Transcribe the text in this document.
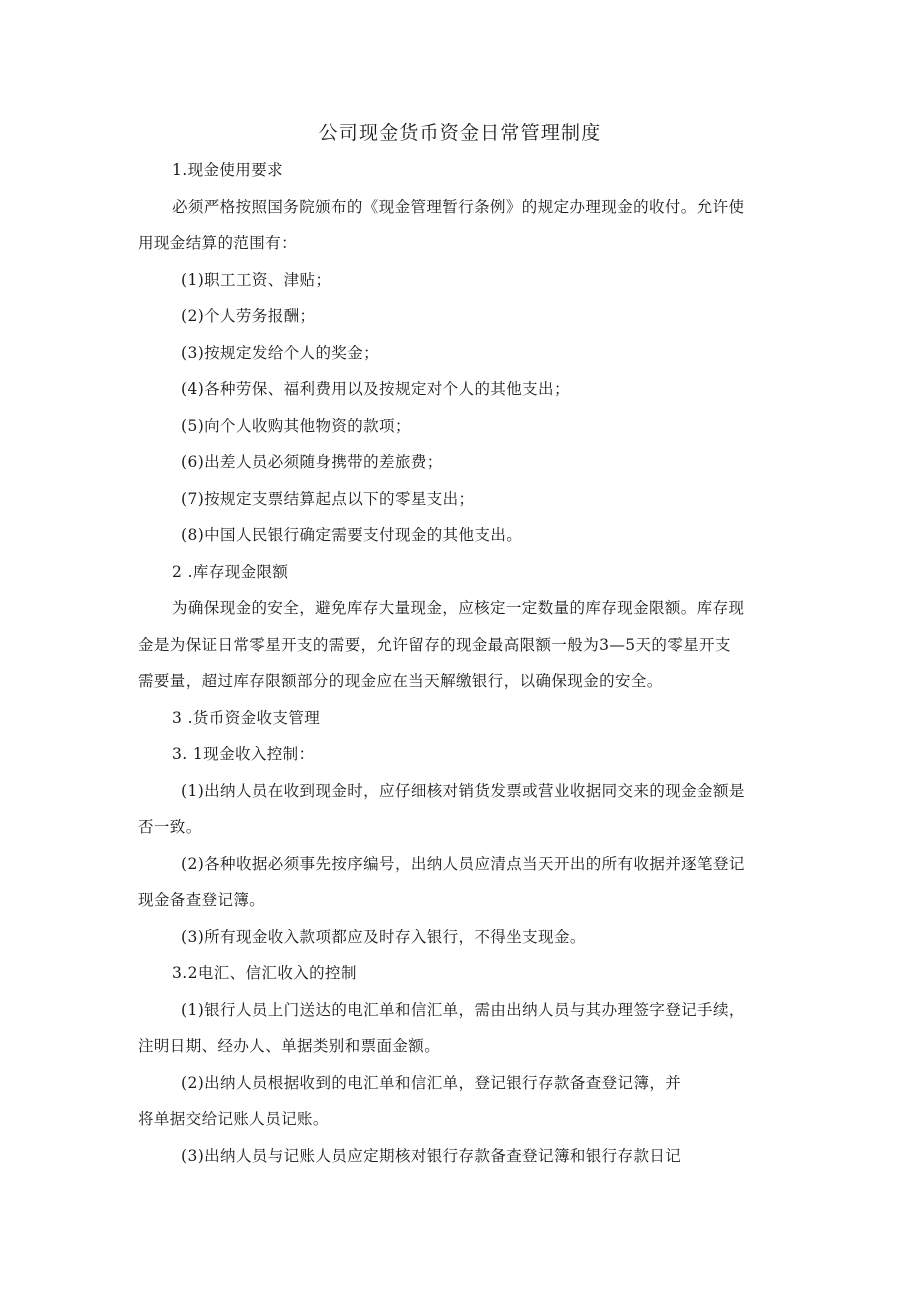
公司现金货币资金日常管理制度
1.现金使用要求
必须严格按照国务院颁布的《现金管理暂行条例》的规定办理现金的收付。允许使
用现金结算的范围有：
(1)职工工资、津贴；
(2)个人劳务报酬；
(3)按规定发给个人的奖金；
(4)各种劳保、福利费用以及按规定对个人的其他支出；
(5)向个人收购其他物资的款项；
(6)出差人员必须随身携带的差旅费；
(7)按规定支票结算起点以下的零星支出；
(8)中国人民银行确定需要支付现金的其他支出。
2 .库存现金限额
为确保现金的安全，避免库存大量现金，应核定一定数量的库存现金限额。库存现
金是为保证日常零星开支的需要，允许留存的现金最高限额一般为3—5天的零星开支
需要量，超过库存限额部分的现金应在当天解缴银行，以确保现金的安全。
3 .货币资金收支管理
3. 1现金收入控制：
(1)出纳人员在收到现金时，应仔细核对销货发票或营业收据同交来的现金金额是
否一致。
(2)各种收据必须事先按序编号，出纳人员应清点当天开出的所有收据并逐笔登记
现金备查登记簿。
(3)所有现金收入款项都应及时存入银行，不得坐支现金。
3.2电汇、信汇收入的控制
(1)银行人员上门送达的电汇单和信汇单，需由出纳人员与其办理签字登记手续，
注明日期、经办人、单据类别和票面金额。
(2)出纳人员根据收到的电汇单和信汇单，登记银行存款备查登记簿，并
将单据交给记账人员记账。
(3)出纳人员与记账人员应定期核对银行存款备查登记簿和银行存款日记
